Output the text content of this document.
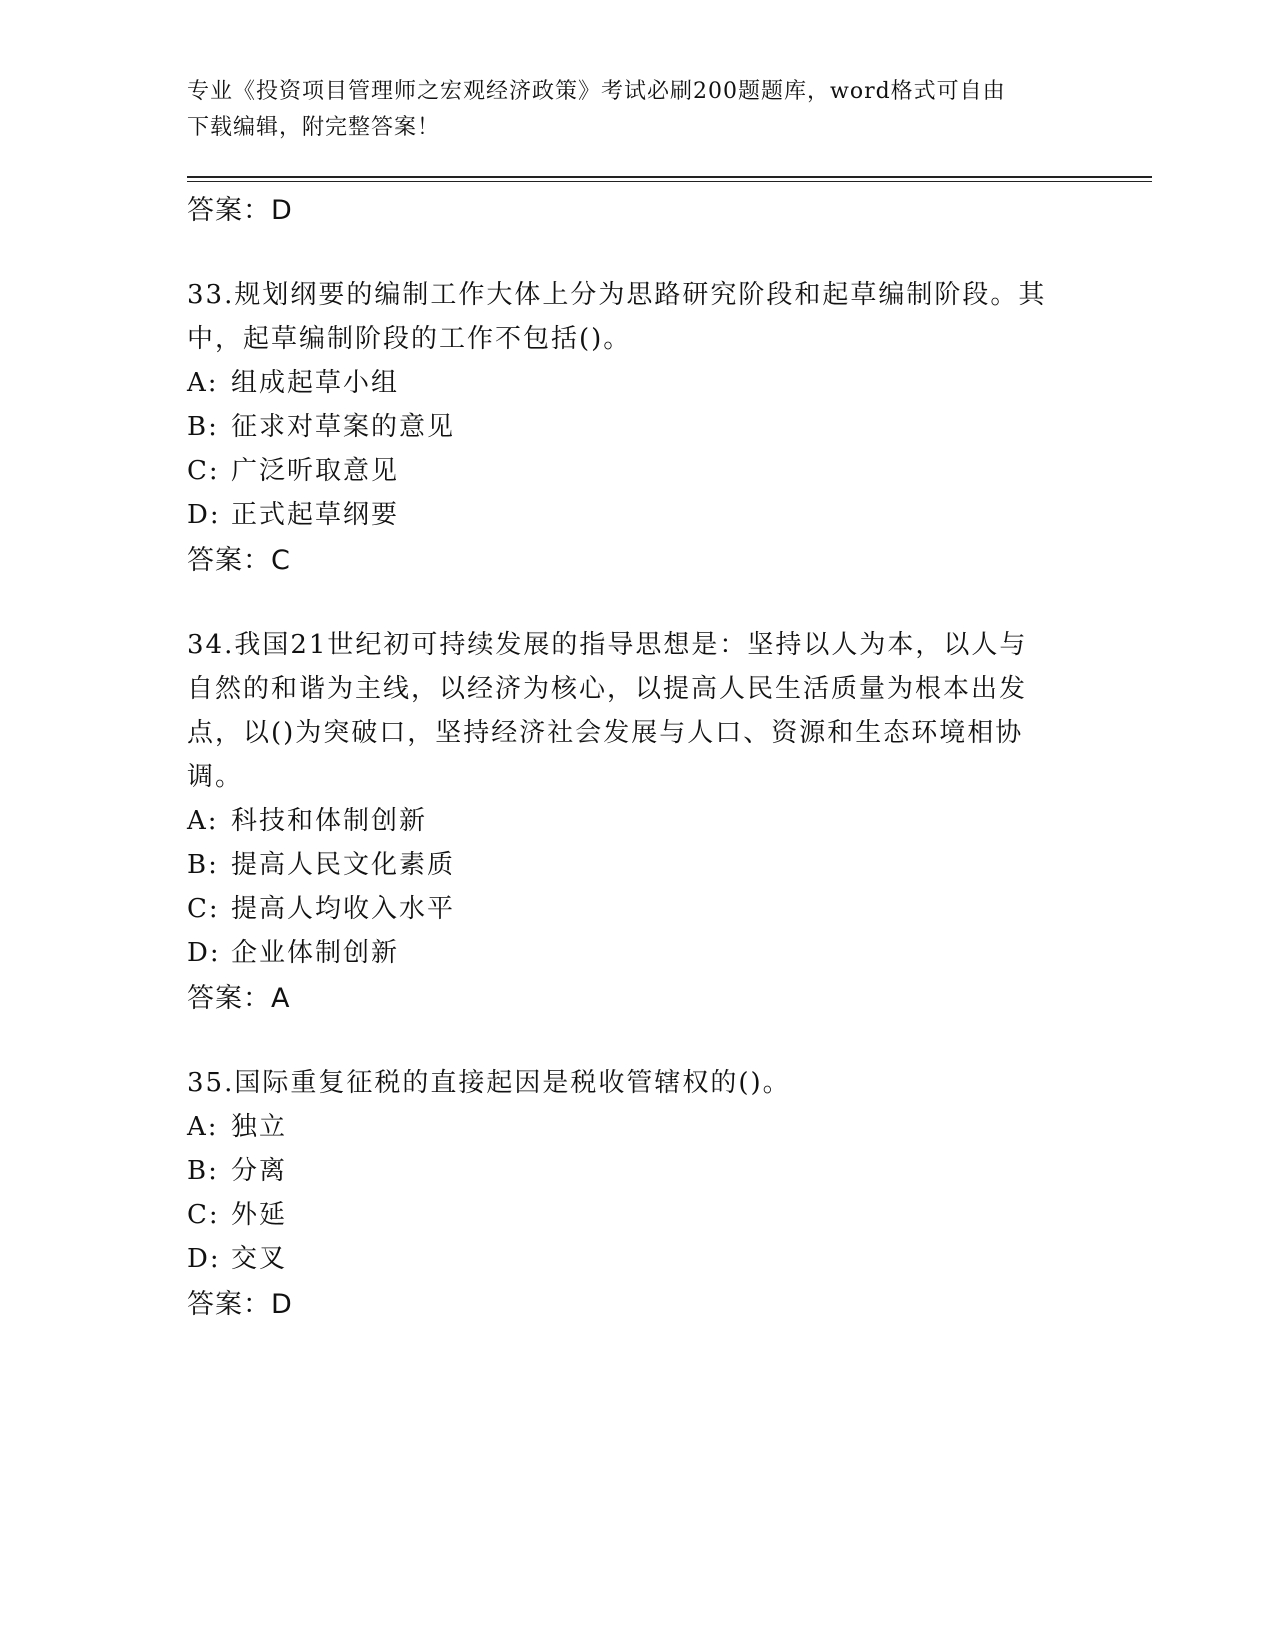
专业《投资项目管理师之宏观经济政策》考试必刷200题题库，word格式可自由
下载编辑，附完整答案！
答案：D
33.规划纲要的编制工作大体上分为思路研究阶段和起草编制阶段。其
中，起草编制阶段的工作不包括()。
A: 组成起草小组
B: 征求对草案的意见
C: 广泛听取意见
D: 正式起草纲要
答案：C
34.我国21世纪初可持续发展的指导思想是：坚持以人为本，以人与
自然的和谐为主线，以经济为核心，以提高人民生活质量为根本出发
点，以()为突破口，坚持经济社会发展与人口、资源和生态环境相协
调。
A: 科技和体制创新
B: 提高人民文化素质
C: 提高人均收入水平
D: 企业体制创新
答案：A
35.国际重复征税的直接起因是税收管辖权的()。
A: 独立
B: 分离
C: 外延
D: 交叉
答案：D
